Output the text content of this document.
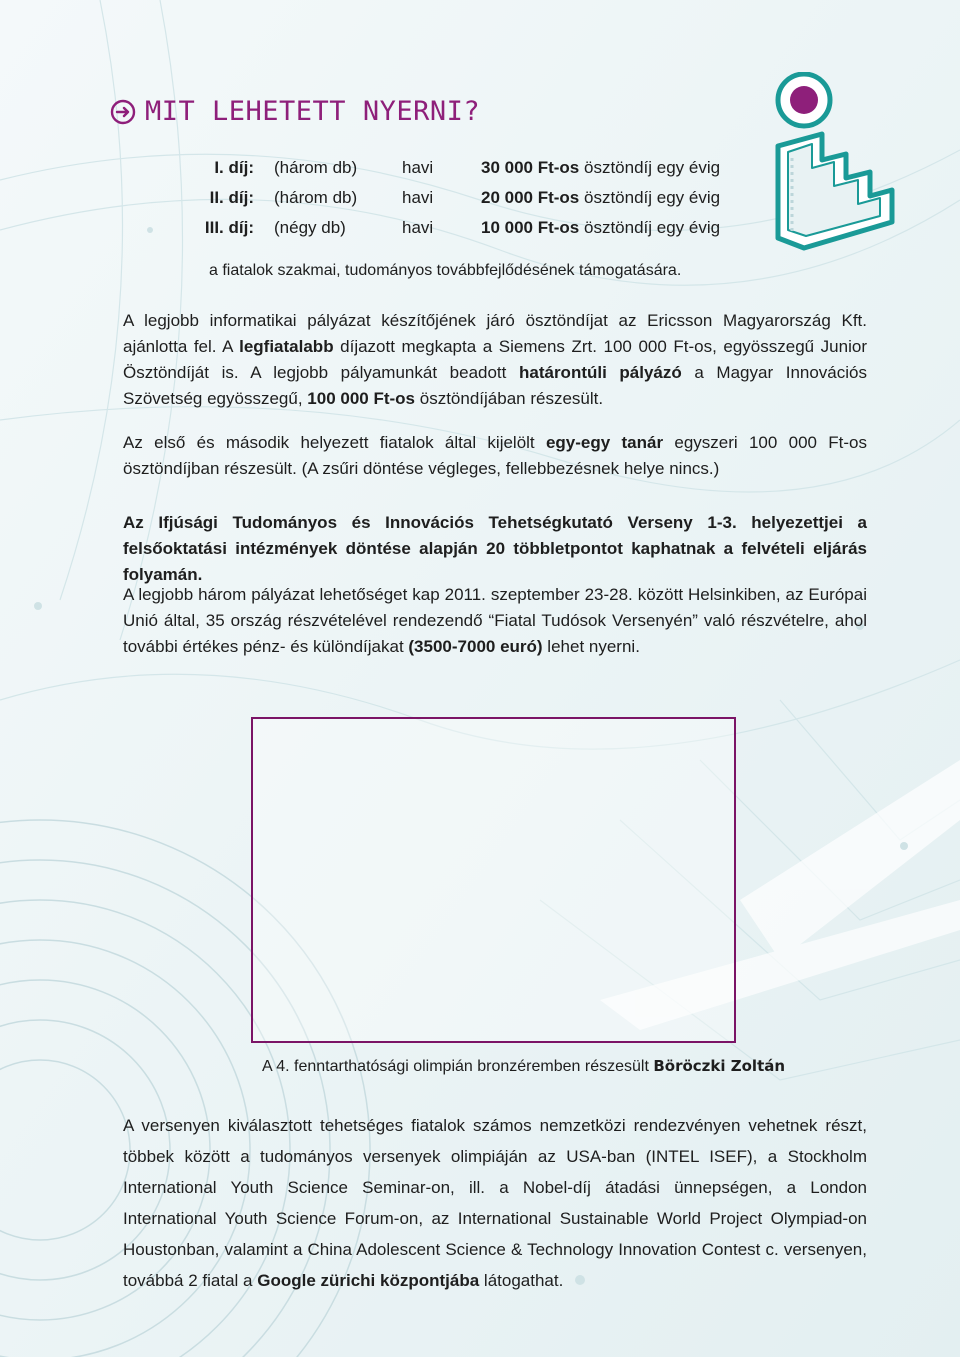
MIT LEHETETT NYERNI?
I. díj: (három db)	havi	30 000 Ft-os ösztöndíj egy évig
II. díj: (három db)	havi	20 000 Ft-os ösztöndíj egy évig
III. díj: (négy db)	havi	10 000 Ft-os ösztöndíj egy évig
a fiatalok szakmai, tudományos továbbfejlődésének támogatására.

A legjobb informatikai pályázat készítőjének járó ösztöndíjat az Ericsson Magyarország Kft. ajánlotta fel. A legfiatalabb díjazott megkapta a Siemens Zrt. 100 000 Ft-os, egyösszegű Junior Ösztöndíját is. A legjobb pályamunkát beadott határontúli pályázó a Magyar Innovációs Szövetség egyösszegű, 100 000 Ft-os ösztöndíjában részesült.

Az első és második helyezett fiatalok által kijelölt egy-egy tanár egyszeri 100 000 Ft-os ösztöndíjban részesült. (A zsűri döntése végleges, fellebbezésnek helye nincs.)

Az Ifjúsági Tudományos és Innovációs Tehetségkutató Verseny 1-3. helyezettjei a felsőoktatási intézmények döntése alapján 20 többletpontot kaphatnak a felvételi eljárás folyamán.

A legjobb három pályázat lehetőséget kap 2011. szeptember 23-28. között Helsinkiben, az Európai Unió által, 35 ország részvételével rendezendő “Fiatal Tudósok Versenyén” való részvételre, ahol további értékes pénz- és különdíjakat (3500-7000 euró) lehet nyerni.

A 4. fenntarthatósági olimpián bronzéremben részesült Böröczki Zoltán

A versenyen kiválasztott tehetséges fiatalok számos nemzetközi rendezvényen vehetnek részt, többek között a tudományos versenyek olimpiáján az USA-ban (INTEL ISEF), a Stockholm International Youth Science Seminar-on, ill. a Nobel-díj átadási ünnepségen, a London International Youth Science Forum-on, az International Sustainable World Project Olympiad-on Houstonban, valamint a China Adolescent Science & Technology Innovation Contest c. versenyen, továbbá 2 fiatal a Google zürichi központjába látogathat.
